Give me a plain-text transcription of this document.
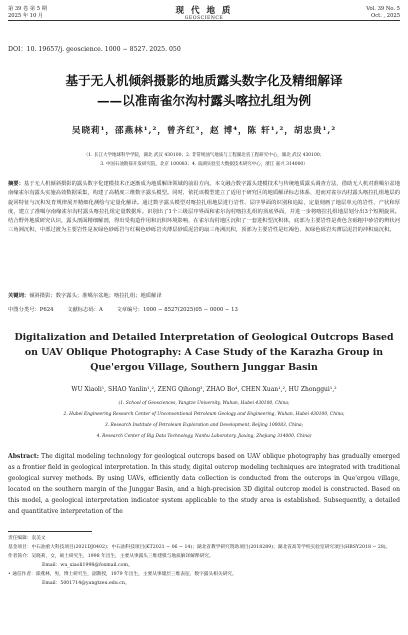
第 39 卷 第 5 期
2025 年 10 月	现 代 地 质
GEOSCIENCE
Vol. 39 No. 5
Oct. , 2025
DOI：10. 19657/j. geoscience. 1000 − 8527. 2025. 050
基于无人机倾斜摄影的地质露头数字化及精细解译
——以准南雀尔沟村露头喀拉扎组为例
吴晓莉¹，邵燕林¹,²，曾齐红³，赵 博⁴，陈 轩¹,²，胡忠贵¹,²
（1. 长江大学地球科学学院，湖北 武汉 430100；2. 非常规油气地质与工程湖北省工程研究中心，湖北 武汉 430100；
3. 中国石油勘探开发研究院，北京 100083；4. 南湖实验室大数据技术研究中心，浙江 嘉兴 314000）
摘要：基于无人机倾斜摄影的露头数字化建模技术正逐渐成为地质解译领域的前沿方向。本文融合数字露头建模技术与传统地质露头调查方法，借助无人机对准噶尔盆地南缘雀尔沟露头实施高效数据采集，构建了高精度三维数字露头模型。同时，依托该模型建立了适用于研究区的地质解译标志体系，进而对雀尔沟村露头喀拉扎组地层的旋回特征与沉积发育规律展开精细化测绘与定量化解译。通过数字露头模型对喀拉扎组地层进行岩性、层序界面的识别和追踪，定量刻画了地层单元的岩性、产状和厚度，建立了准噶尔南缘雀尔沟村露头喀拉扎组定量数据库。识别出了1个三级层序界面和雀尔沟村喀拉扎组的顶底界面，并进一步将喀拉扎组地层划分出3个短期旋回。结合野外地质研究认识，露头剖面精细解剖，得出受构造作用和沉积环境影响，在雀尔沟村地区沉积了一套进积型沉积体，底部为主要岩性是黄色含砾粗中砂岩的辫状河三角洲沉积，中部过渡为主要岩性是灰绿色砂砾岩与红褐色砂砾岩夹薄层砂质泥岩的扇三角洲沉积，顶部为主要岩性是红褐色、灰绿色砾岩夹薄层泥岩的冲积扇沉积。
关键词：倾斜摄影；数字露头；准噶尔盆地；喀拉扎组；地质解译
中图分类号：P624	文献标志码：A	文章编号：1000 − 8527(2025)05 − 0000 − 13
Digitalization and Detailed Interpretation of Geological Outcrops Based
on UAV Oblique Photography: A Case Study of the Karazha Group in
Que'ergou Village, Southern Junggar Basin
WU Xiaoli¹, SHAO Yanlin¹,², ZENG Qihong³, ZHAO Bo⁴, CHEN Xuan¹,², HU Zhonggui¹,²
(1. School of Geosciences, Yangtze University, Wuhan, Hubei 430100, China;
2. Hubei Engineering Research Center of Unconventional Petroleum Geology and Engineering, Wuhan, Hubei 430100, China;
3. Research Institute of Petroleum Exploration and Development, Beijing 100083, China;
4. Research Center of Big Data Technology, Nanhu Laboratory, Jiaxing, Zhejiang 314000, China)
Abstract: The digital modeling technology for geological outcrops based on UAV oblique photography has gradually emerged as a frontier field in geological interpretation. In this study, digital outcrop modeling techniques are integrated with traditional geological survey methods. By using UAVs, efficiently data collection is conducted from the outcrops in Que'ergou village, located on the southern margin of the Junggar Basin, and a high-precision 3D digital outcrop model is constructed. Based on this model, a geological interpretation indicator system applicable to the study area is established. Subsequently, a detailed and quantitative interpretation of the
责任编辑：袁美文
基金项目：中石油重大科技项目(2021DJ0402)；中石油科技项目(KT2021 − 06 − 14)；湖北省教学研究资助项目(2018289)；湖北省高等学校实验室研究项目(HBSY2018 − 28)。
作者简介：吴晓莉，女，硕士研究生，1998 年出生，主要从事露头三维建模与地质解译解释研究。
Email：wu_xiaoli1998@foxmail.com。
• 通信作者：邵燕林，男，博士研究生，副教授，1979 年出生，主要从事储层三维表征、数字露头相关研究。
Email：5001714@yangtzeu.edu.cn。
